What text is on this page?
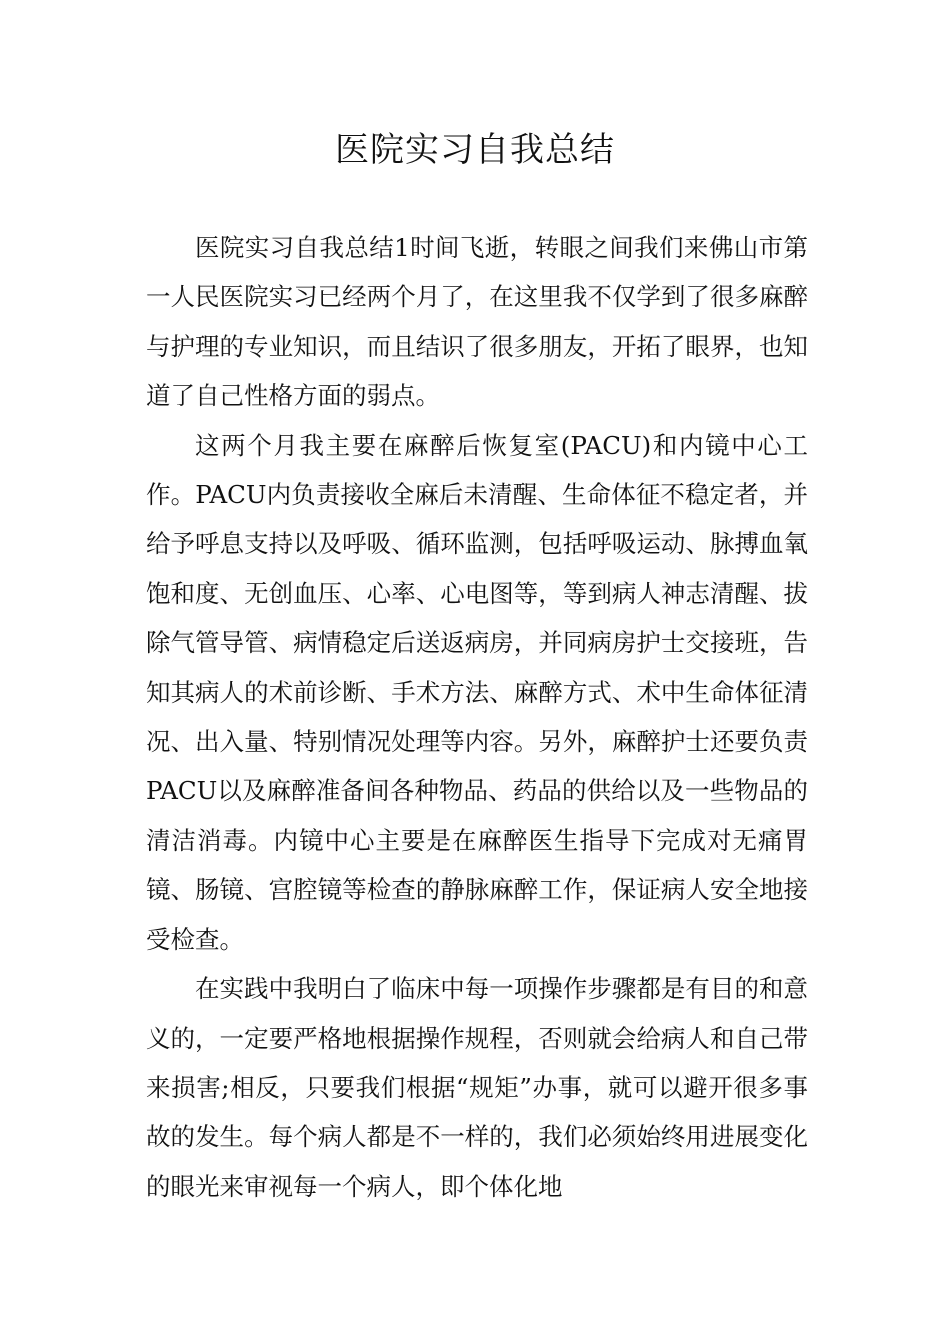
医院实习自我总结

医院实习自我总结1时间飞逝，转眼之间我们来佛山市第一人民医院实习已经两个月了，在这里我不仅学到了很多麻醉与护理的专业知识，而且结识了很多朋友，开拓了眼界，也知道了自己性格方面的弱点。

这两个月我主要在麻醉后恢复室(PACU)和内镜中心工作。PACU内负责接收全麻后未清醒、生命体征不稳定者，并给予呼息支持以及呼吸、循环监测，包括呼吸运动、脉搏血氧饱和度、无创血压、心率、心电图等，等到病人神志清醒、拔除气管导管、病情稳定后送返病房，并同病房护士交接班，告知其病人的术前诊断、手术方法、麻醉方式、术中生命体征清况、出入量、特别情况处理等内容。另外，麻醉护士还要负责PACU以及麻醉准备间各种物品、药品的供给以及一些物品的清洁消毒。内镜中心主要是在麻醉医生指导下完成对无痛胃镜、肠镜、宫腔镜等检查的静脉麻醉工作，保证病人安全地接受检查。

在实践中我明白了临床中每一项操作步骤都是有目的和意义的，一定要严格地根据操作规程，否则就会给病人和自己带来损害;相反，只要我们根据“规矩”办事，就可以避开很多事故的发生。每个病人都是不一样的，我们必须始终用进展变化的眼光来审视每一个病人，即个体化地
